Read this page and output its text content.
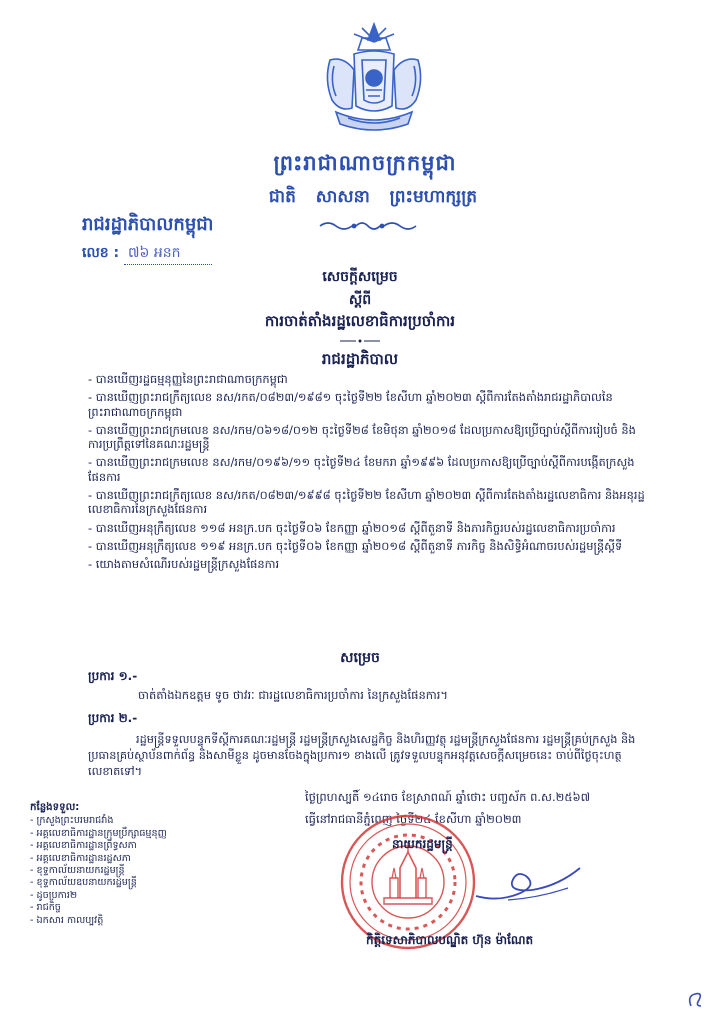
ព្រះរាជាណាចក្រកម្ពុជា
ជាតិ សាសនា ព្រះមហាក្សត្រ
រាជរដ្ឋាភិបាលកម្ពុជា
លេខ : ៧៦ អនក
សេចក្តីសម្រេច
ស្តីពី
ការចាត់តាំងរដ្ឋលេខាធិការប្រចាំការ
រាជរដ្ឋាភិបាល
- បានឃើញរដ្ឋធម្មនុញ្ញនៃព្រះរាជាណាចក្រកម្ពុជា
- បានឃើញព្រះរាជក្រឹត្យលេខ នស/រកត/០៨២៣/១៩៨១ ចុះថ្ងៃទី២២ ខែសីហា ឆ្នាំ២០២៣ ស្តីពីការតែងតាំងរាជរដ្ឋាភិបាលនៃព្រះរាជាណាចក្រកម្ពុជា
- បានឃើញព្រះរាជក្រមលេខ នស/រកម/០៦១៨/០១២ ចុះថ្ងៃទី២៨ ខែមិថុនា ឆ្នាំ២០១៨ ដែលប្រកាសឱ្យប្រើច្បាប់ស្តីពីការរៀបចំ និងការប្រព្រឹត្តទៅនៃគណៈរដ្ឋមន្ត្រី
- បានឃើញព្រះរាជក្រមលេខ នស/រកម/០១៩៦/១១ ចុះថ្ងៃទី២៤ ខែមករា ឆ្នាំ១៩៩៦ ដែលប្រកាសឱ្យប្រើច្បាប់ស្តីពីការបង្កើតក្រសួងផែនការ
- បានឃើញព្រះរាជក្រឹត្យលេខ នស/រកត/០៨២៣/១៩៩៨ ចុះថ្ងៃទី២២ ខែសីហា ឆ្នាំ២០២៣ ស្តីពីការតែងតាំងរដ្ឋលេខាធិការ និងអនុរដ្ឋលេខាធិការនៃក្រសួងផែនការ
- បានឃើញអនុក្រឹត្យលេខ ១១៨ អនក្រ.បក ចុះថ្ងៃទី០៦ ខែកញ្ញា ឆ្នាំ២០១៨ ស្តីពីតួនាទី និងភារកិច្ចរបស់រដ្ឋលេខាធិការប្រចាំការ
- បានឃើញអនុក្រឹត្យលេខ ១១៩ អនក្រ.បក ចុះថ្ងៃទី០៦ ខែកញ្ញា ឆ្នាំ២០១៨ ស្តីពីតួនាទី ភារកិច្ច និងសិទ្ធិអំណាចរបស់រដ្ឋមន្ត្រីស្តីទី
- យោងតាមសំណើរបស់រដ្ឋមន្ត្រីក្រសួងផែនការ
សម្រេច
ប្រការ ១.-
ចាត់តាំងឯកឧត្តម ទូច ថាវរៈ ជារដ្ឋលេខាធិការប្រចាំការ នៃក្រសួងផែនការ។
ប្រការ ២.-
រដ្ឋមន្ត្រីទទួលបន្ទុកទីស្តីការគណៈរដ្ឋមន្ត្រី រដ្ឋមន្ត្រីក្រសួងសេដ្ឋកិច្ច និងហិរញ្ញវត្ថុ រដ្ឋមន្ត្រីក្រសួងផែនការ រដ្ឋមន្ត្រីគ្រប់ក្រសួង និងប្រធានគ្រប់ស្ថាប័នពាក់ព័ន្ធ និងសាមីខ្លួន ដូចមានចែងក្នុងប្រការ១ ខាងលើ ត្រូវទទួលបន្ទុកអនុវត្តសេចក្តីសម្រេចនេះ ចាប់ពីថ្ងៃចុះហត្ថលេខាតទៅ។
ថ្ងៃព្រហស្បតិ៍ ១៤រោច ខែស្រាពណ៍ ឆ្នាំថោះ បញ្ចស័ក ព.ស.២៥៦៧
ធ្វើនៅរាជធានីភ្នំពេញ ថ្ងៃទី២៤ ខែសីហា ឆ្នាំ២០២៣
នាយករដ្ឋមន្ត្រី
កិត្តិទេសាភិបាលបណ្ឌិត ហ៊ុន ម៉ាណែត
កន្លែងទទួល:
- ក្រសួងព្រះបរមរាជវាំង
- អគ្គលេខាធិការដ្ឋានក្រុមប្រឹក្សាធម្មនុញ្ញ
- អគ្គលេខាធិការដ្ឋានព្រឹទ្ធសភា
- អគ្គលេខាធិការដ្ឋានរដ្ឋសភា
- ខុទ្ទកាល័យនាយករដ្ឋមន្ត្រី
- ខុទ្ទកាល័យឧបនាយករដ្ឋមន្ត្រី
- ដូចប្រការ២
- រាជកិច្ច
- ឯកសារ កាលប្បវត្តិ
